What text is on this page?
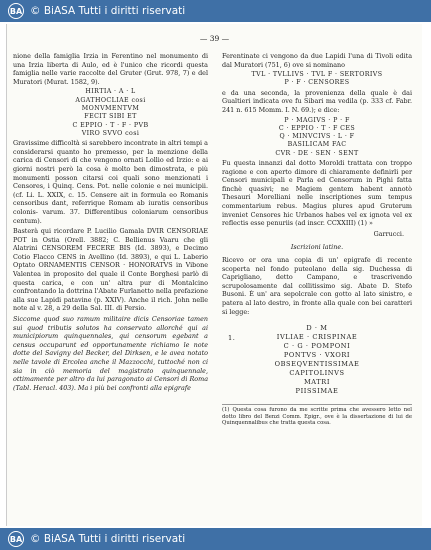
BA © BiASA Tutti i diritti riservati
— 39 —

nione della famiglia Irzia in Ferentino nel monumento di una Irzia liberta di Aulo, ed è l'unico che ricordi questa famiglia nelle varie raccolte del Gruter (Grut. 978, 7) e del Muratori (Murat. 1582, 9).

HIRTIA · A · L
AGATHOCLIAE cosi
MONVMENTVM
FECIT SIBI ET
C EPPIO · T · F · PVB
VIRO SVVO cosi

Gravissime difficoltà si sarebbero incontrate in altri tempi a considerarsi quanto ho premesso, per la menzione della carica di Censori di che vengono ornati Lollio ed Irzio: e ai giorni nostri però la cosa è molto ben dimostrata, e più monumenti posson citarsi coi quali sono menzionati i Censores, i Quinq. Cens. Pot. nelle colonie e nei municipii. (cf. Li. L. XXIX, c. 15. Censere ait in formula eo Romanis censoribus dant, referrique Romam ab iuratis censoribus colonis- varum. 37. Differentibus coloniarum censoribus centum).

Basterà qui ricordare P. Lucilio Gamala DVIR CENSORIAE POT in Ostia (Orell. 3882; C. Bellienus Vaaru che gli Alatrini CENSOREM FECERE BIS (Id. 3893), e Decimo Cotio Flacco CENS in Avellino (Id. 3893), e qui L. Laberio Optato ORNAMENTIS CENSOR · HONORATVS in Vibone Valentea in proposito del quale il Conte Borghesi parlò di questa carica, e con un' altra pur di Montalcino confrontando la dottrina l'Abate Furlanetto nella prefazione alla sue Lapidi patavine (p. XXIV). Anche il rich. John nelle note al v. 28, a 29 della Sal. III. di Persio.

Siccome quod suo ramum militaire dicis Censoriae tamen sui quod tributis solutos ha conservato allorché qui ai municipiorum quinquennales, qui censorum egebant a census occuparunt ed opportunamente richiamo le note dotte del Savigny del Becker, del Dirksen, e le avea notato nelle tavole di Ercolea anche il Mazzocchi, tuttoché non ci sia in ciò memoria del magistrato quinquennale, ottimamente per altro da lui paragonato ai Censori di Roma (Tabl. Heracl. 403). Ma i più bei confronti alla epigrafe

Ferentinate ci vengono da due Lapidi l'una di Tivoli edita dal Muratori (751, 6) ove si nominano

TVL · TVLLIVS · TVL F · SERTORIVS
P · F · CENSORES

e da una seconda, la provenienza della quale è dai Gualtieri indicata ove fu Sibari ma vedila (p. 333 cf. Fabr. 241 n. 615 Momm. I. N. 69.); e dice:

P · MAGIVS · P · F
C · EPPIO · T · F CES
Q · MINVCIVS · L · F
BASILICAM FAC
CVR · DE · SEN · SENT

Fu questa innanzi dal dotto Moroldi trattata con troppo ragione e con aperto dimore di chiaramente definirli per Censori municipali e Parla ed Censorum in Pighi fatta finchè quasivi; ne Magiem gentem habent annotò Thesauri Morelliani nelle inscriptiones sum tempus commentarium rebus. Magius plures apud Gruterum inveniet Censores hic Urbanos habes vel ex ignota vel ex reflectis esse penuriis (ad inscr. CCXXIII) (1) »

Garrucci.
Iscrizioni latine.

Ricevo or ora una copia di un' epigrafe di recente scoperta nel fondo puteolano della sig. Duchessa di Caprigliano, detto Campano, e trascrivendo scrupolosamente dal collitissimo sig. Abate D. Stefo Busoni. È un' ara sepolcrale con gotto al lato sinistro, e patera al lato destro, in fronte alla quale con bei caratteri si legge:

1.
D · M
IVLIAE · CRISPINAE
C · G · POMPONI
PONTVS · VXORI
OBSEQVENTISSIMAE
CAPITOLINVS
MATRI
PIISSIMAE
(1) Questa cosa furono da me scritte prima che avessero letto nel dotto libro del Benzi Comm. Epigr., ove è la dissertazione di lui de Quinquennalibus che tratta questa cosa.
BA © BiASA Tutti i diritti riservati
